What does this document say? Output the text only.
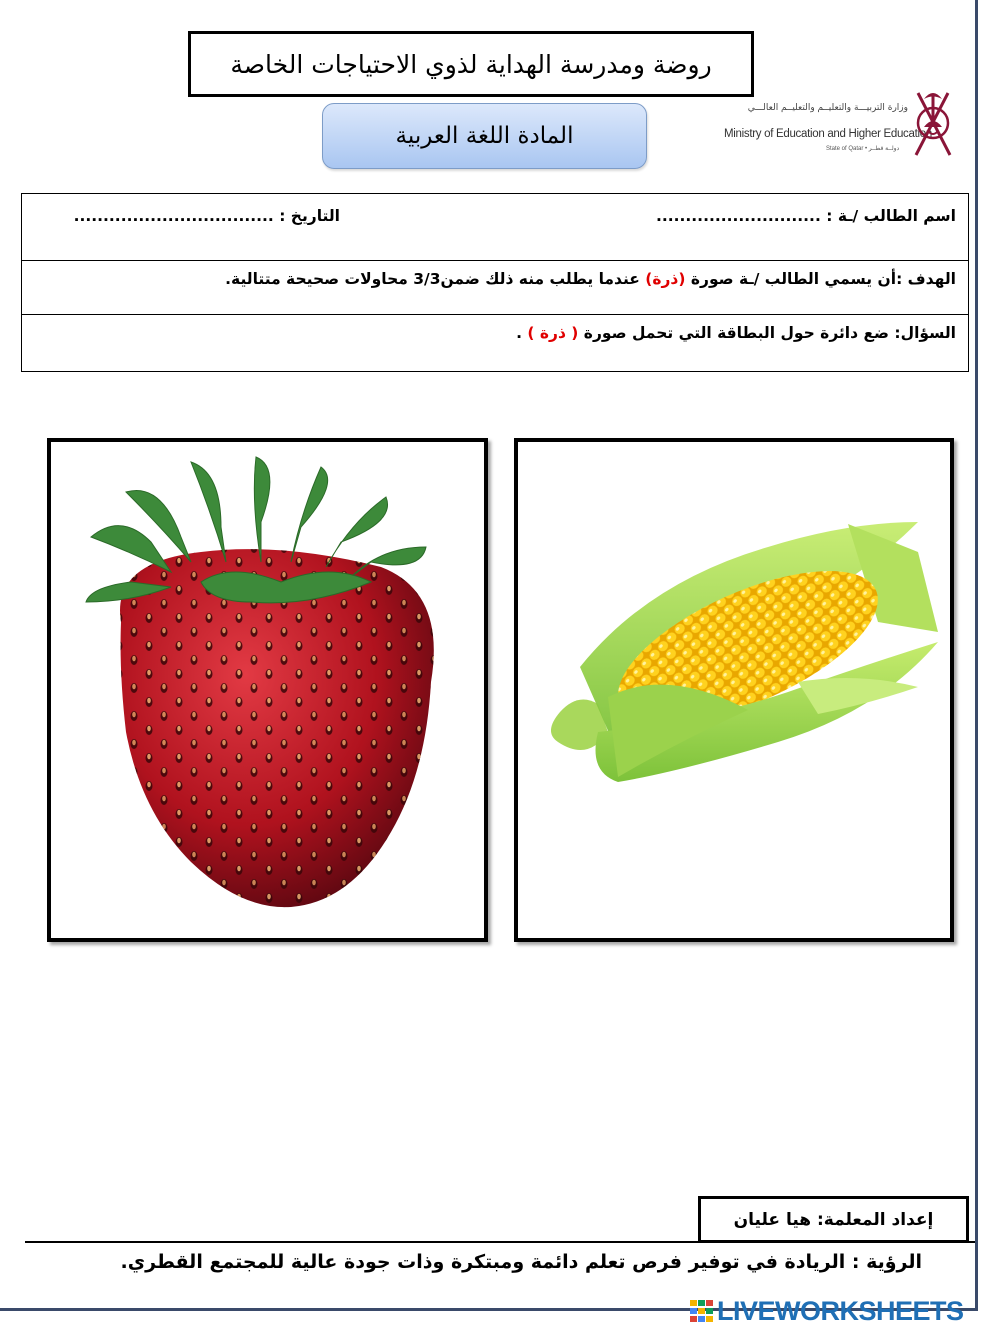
روضة ومدرسة الهداية لذوي الاحتياجات الخاصة
المادة اللغة العربية
وزارة التربيـــة والتعليــم والتعليــم العالـــي
Ministry of Education and Higher Education
State of Qatar • دولــة قطــر
اسم الطالب /ـة : ............................
التاريخ : ..................................
الهدف :أن يسمي الطالب /ـة صورة (ذرة) عندما يطلب منه ذلك ضمن3/3 محاولات صحيحة متتالية.
السؤال: ضع دائرة حول البطاقة التي تحمل صورة ( ذرة ) .
إعداد المعلمة: هيا عليان
الرؤية : الريادة في توفير فرص تعلم دائمة ومبتكرة وذات جودة عالية للمجتمع القطري.
LIVEWORKSHEETS
